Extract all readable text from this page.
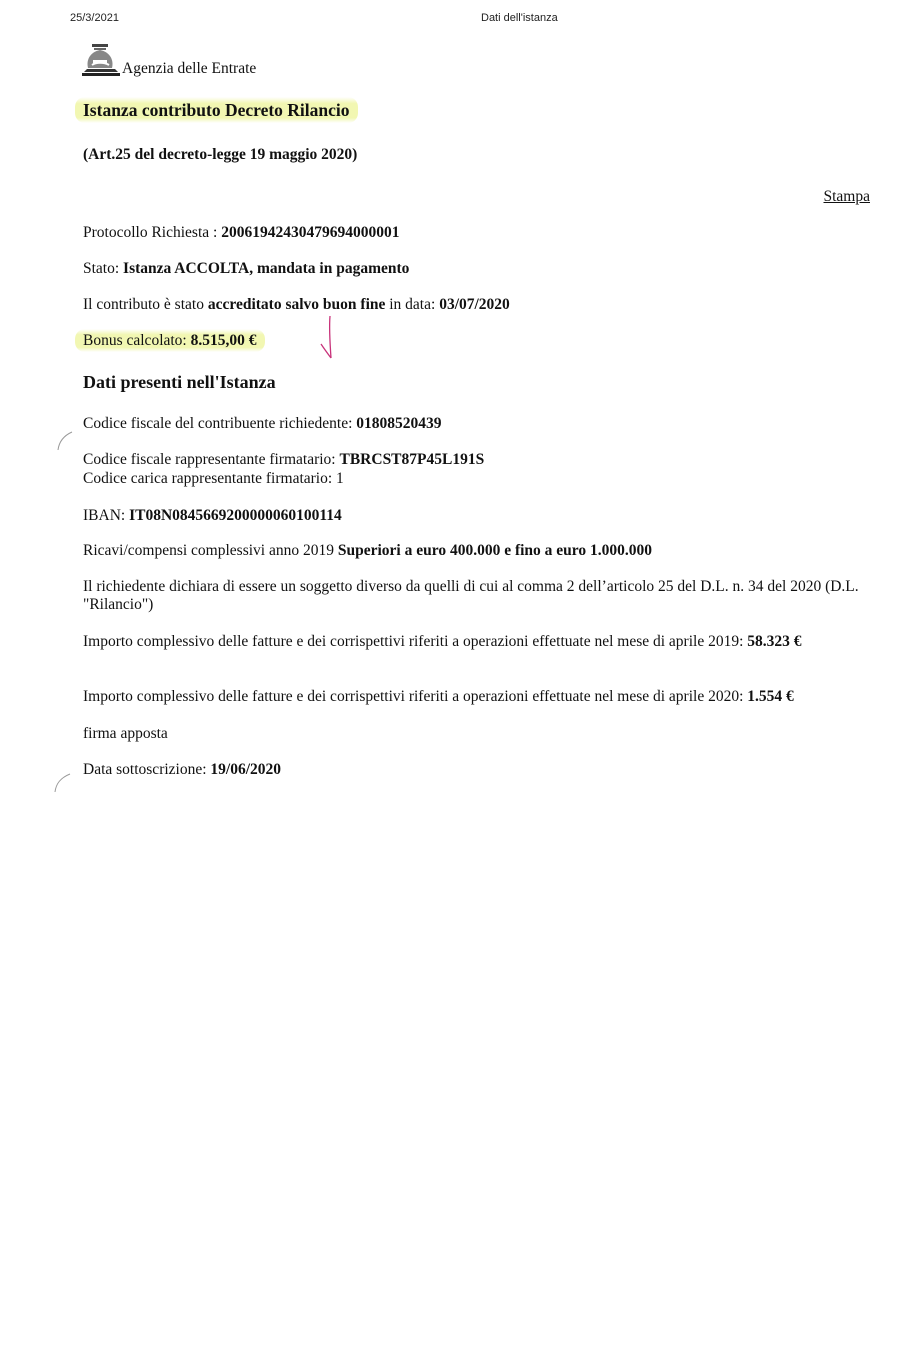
25/3/2021	Dati dell'istanza
Agenzia delle Entrate
Istanza contributo Decreto Rilancio
(Art.25 del decreto-legge 19 maggio 2020)
Stampa
Protocollo Richiesta : 20061942430479694000001
Stato: Istanza ACCOLTA, mandata in pagamento
Il contributo è stato accreditato salvo buon fine in data: 03/07/2020
Bonus calcolato: 8.515,00 €
Dati presenti nell'Istanza
Codice fiscale del contribuente richiedente: 01808520439
Codice fiscale rappresentante firmatario: TBRCST87P45L191S
Codice carica rappresentante firmatario: 1
IBAN: IT08N0845669200000060100114
Ricavi/compensi complessivi anno 2019 Superiori a euro 400.000 e fino a euro 1.000.000
Il richiedente dichiara di essere un soggetto diverso da quelli di cui al comma 2 dell’articolo 25 del D.L. n. 34 del 2020 (D.L. "Rilancio")
Importo complessivo delle fatture e dei corrispettivi riferiti a operazioni effettuate nel mese di aprile 2019: 58.323 €
Importo complessivo delle fatture e dei corrispettivi riferiti a operazioni effettuate nel mese di aprile 2020: 1.554 €
firma apposta
Data sottoscrizione: 19/06/2020
